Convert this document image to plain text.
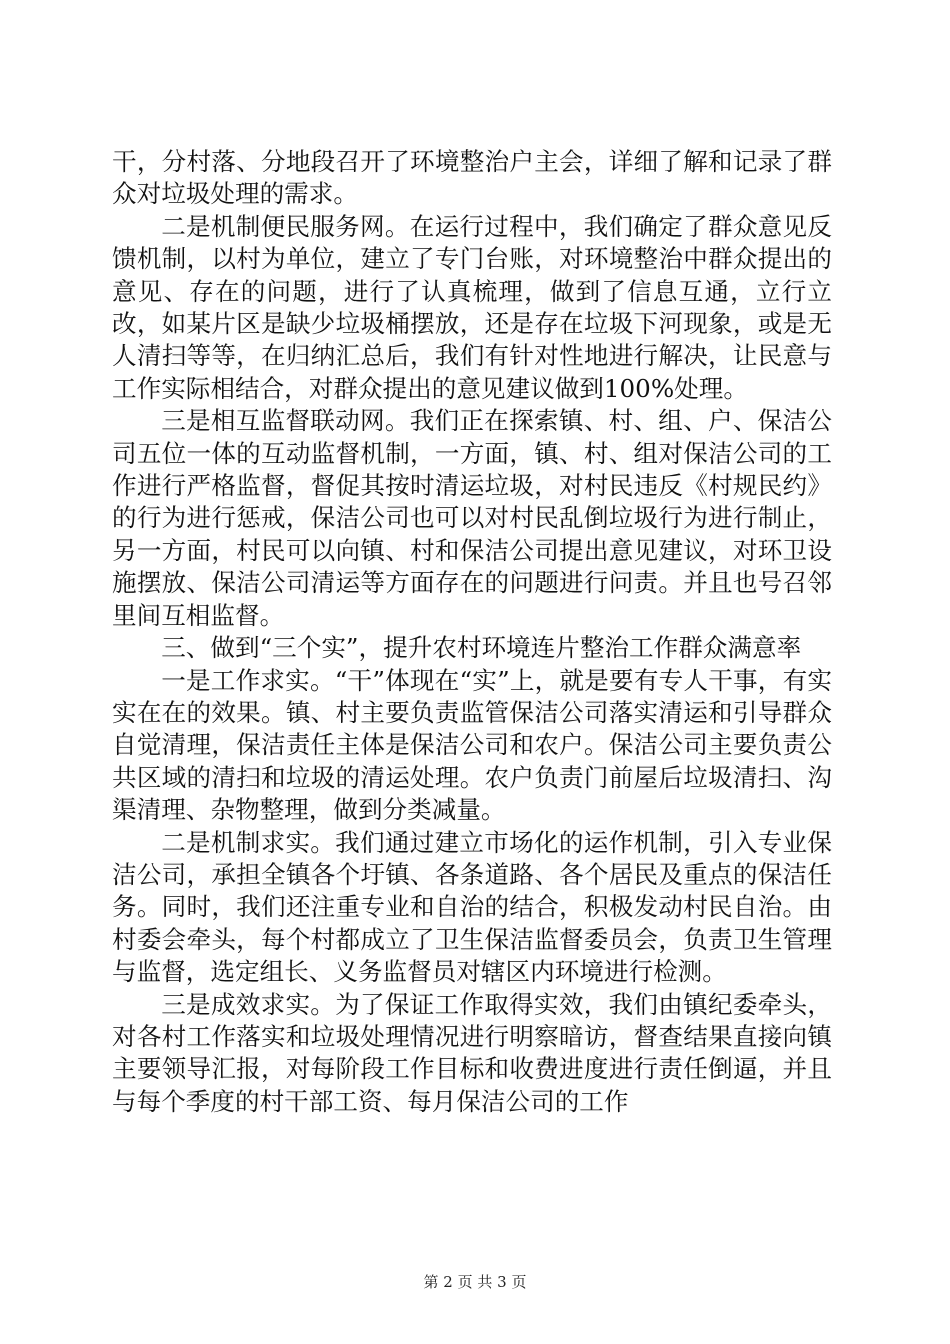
干，分村落、分地段召开了环境整治户主会，详细了解和记录了群众对垃圾处理的需求。

二是机制便民服务网。在运行过程中，我们确定了群众意见反馈机制，以村为单位，建立了专门台账，对环境整治中群众提出的意见、存在的问题，进行了认真梳理，做到了信息互通，立行立改，如某片区是缺少垃圾桶摆放，还是存在垃圾下河现象，或是无人清扫等等，在归纳汇总后，我们有针对性地进行解决，让民意与工作实际相结合，对群众提出的意见建议做到100%处理。

三是相互监督联动网。我们正在探索镇、村、组、户、保洁公司五位一体的互动监督机制，一方面，镇、村、组对保洁公司的工作进行严格监督，督促其按时清运垃圾，对村民违反《村规民约》的行为进行惩戒，保洁公司也可以对村民乱倒垃圾行为进行制止，另一方面，村民可以向镇、村和保洁公司提出意见建议，对环卫设施摆放、保洁公司清运等方面存在的问题进行问责。并且也号召邻里间互相监督。

三、做到“三个实”，提升农村环境连片整治工作群众满意率

一是工作求实。“干”体现在“实”上，就是要有专人干事，有实实在在的效果。镇、村主要负责监管保洁公司落实清运和引导群众自觉清理，保洁责任主体是保洁公司和农户。保洁公司主要负责公共区域的清扫和垃圾的清运处理。农户负责门前屋后垃圾清扫、沟渠清理、杂物整理，做到分类减量。

二是机制求实。我们通过建立市场化的运作机制，引入专业保洁公司，承担全镇各个圩镇、各条道路、各个居民及重点的保洁任务。同时，我们还注重专业和自治的结合，积极发动村民自治。由村委会牵头，每个村都成立了卫生保洁监督委员会，负责卫生管理与监督，选定组长、义务监督员对辖区内环境进行检测。

三是成效求实。为了保证工作取得实效，我们由镇纪委牵头，对各村工作落实和垃圾处理情况进行明察暗访，督查结果直接向镇主要领导汇报，对每阶段工作目标和收费进度进行责任倒逼，并且与每个季度的村干部工资、每月保洁公司的工作

第 2 页 共 3 页
